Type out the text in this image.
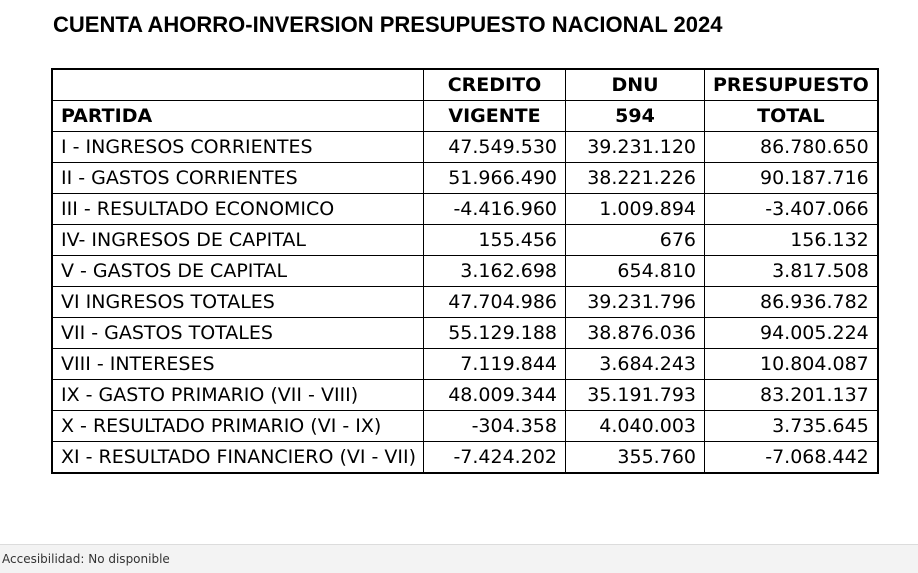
CUENTA AHORRO-INVERSION PRESUPUESTO NACIONAL 2024
	CREDITO	DNU	PRESUPUESTO
PARTIDA	VIGENTE	594	TOTAL
I - INGRESOS CORRIENTES	47.549.530	39.231.120	86.780.650
II - GASTOS CORRIENTES	51.966.490	38.221.226	90.187.716
III - RESULTADO ECONOMICO	-4.416.960	1.009.894	-3.407.066
IV- INGRESOS DE CAPITAL	155.456	676	156.132
V - GASTOS DE CAPITAL	3.162.698	654.810	3.817.508
VI INGRESOS TOTALES	47.704.986	39.231.796	86.936.782
VII - GASTOS TOTALES	55.129.188	38.876.036	94.005.224
VIII - INTERESES	7.119.844	3.684.243	10.804.087
IX - GASTO PRIMARIO (VII - VIII)	48.009.344	35.191.793	83.201.137
X - RESULTADO PRIMARIO (VI - IX)	-304.358	4.040.003	3.735.645
XI - RESULTADO FINANCIERO (VI - VII)	-7.424.202	355.760	-7.068.442
Accesibilidad: No disponible
